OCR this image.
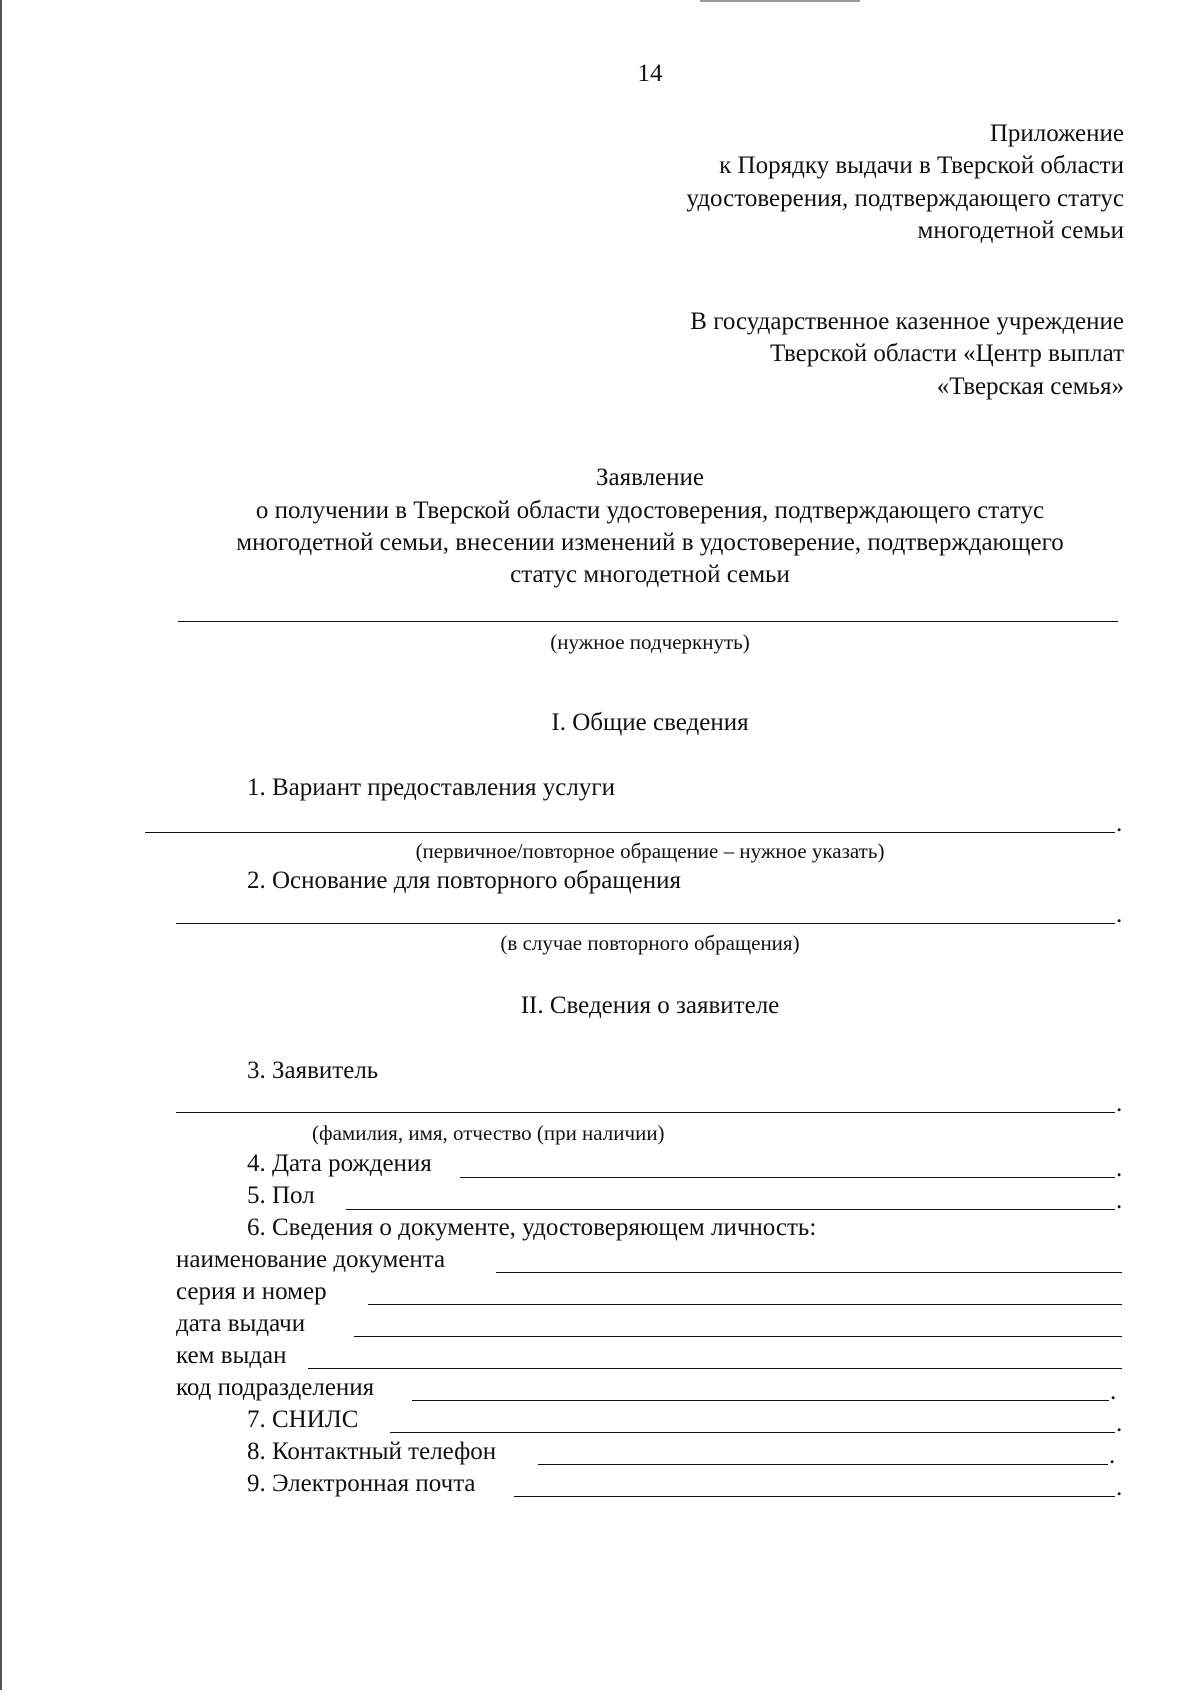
14
Приложение
к Порядку выдачи в Тверской области
удостоверения, подтверждающего статус
многодетной семьи
В государственное казенное учреждение
Тверской области «Центр выплат
«Тверская семья»
Заявление
о получении в Тверской области удостоверения, подтверждающего статус
многодетной семьи, внесении изменений в удостоверение, подтверждающего
статус многодетной семьи
(нужное подчеркнуть)
I. Общие сведения
1. Вариант предоставления услуги
.
(первичное/повторное обращение – нужное указать)
2. Основание для повторного обращения
.
(в случае повторного обращения)
II. Сведения о заявителе
3. Заявитель
.
(фамилия, имя, отчество (при наличии)
4. Дата рождения	.
5. Пол	.
6. Сведения о документе, удостоверяющем личность:
наименование документа
серия и номер
дата выдачи
кем выдан
код подразделения	.
7. СНИЛС	.
8. Контактный телефон	.
9. Электронная почта	.
